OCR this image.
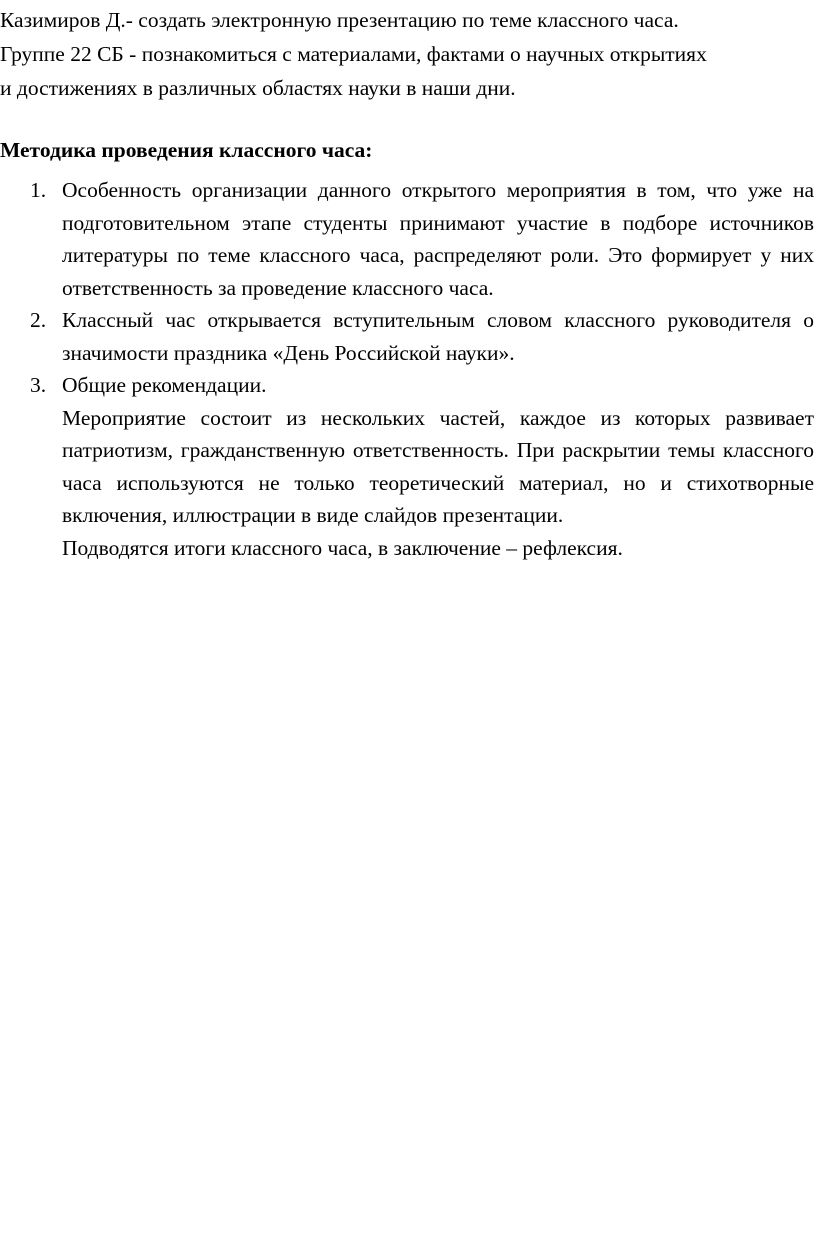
Казимиров Д.- создать электронную презентацию по теме классного часа.
Группе 22 СБ - познакомиться с материалами, фактами о научных открытиях
и достижениях в различных областях науки в наши дни.
Методика проведения классного часа:
1. Особенность организации данного открытого мероприятия в том, что уже на подготовительном этапе студенты принимают участие в подборе источников литературы по теме классного часа, распределяют роли. Это формирует у них ответственность за проведение классного часа.

2. Классный час открывается вступительным словом классного руководителя о значимости праздника «День Российской науки».

3. Общие рекомендации.

Мероприятие состоит из нескольких частей, каждое из которых развивает патриотизм, гражданственную ответственность. При раскрытии темы классного часа используются не только теоретический материал, но и стихотворные включения, иллюстрации в виде слайдов презентации.

Подводятся итоги классного часа, в заключение – рефлексия.
